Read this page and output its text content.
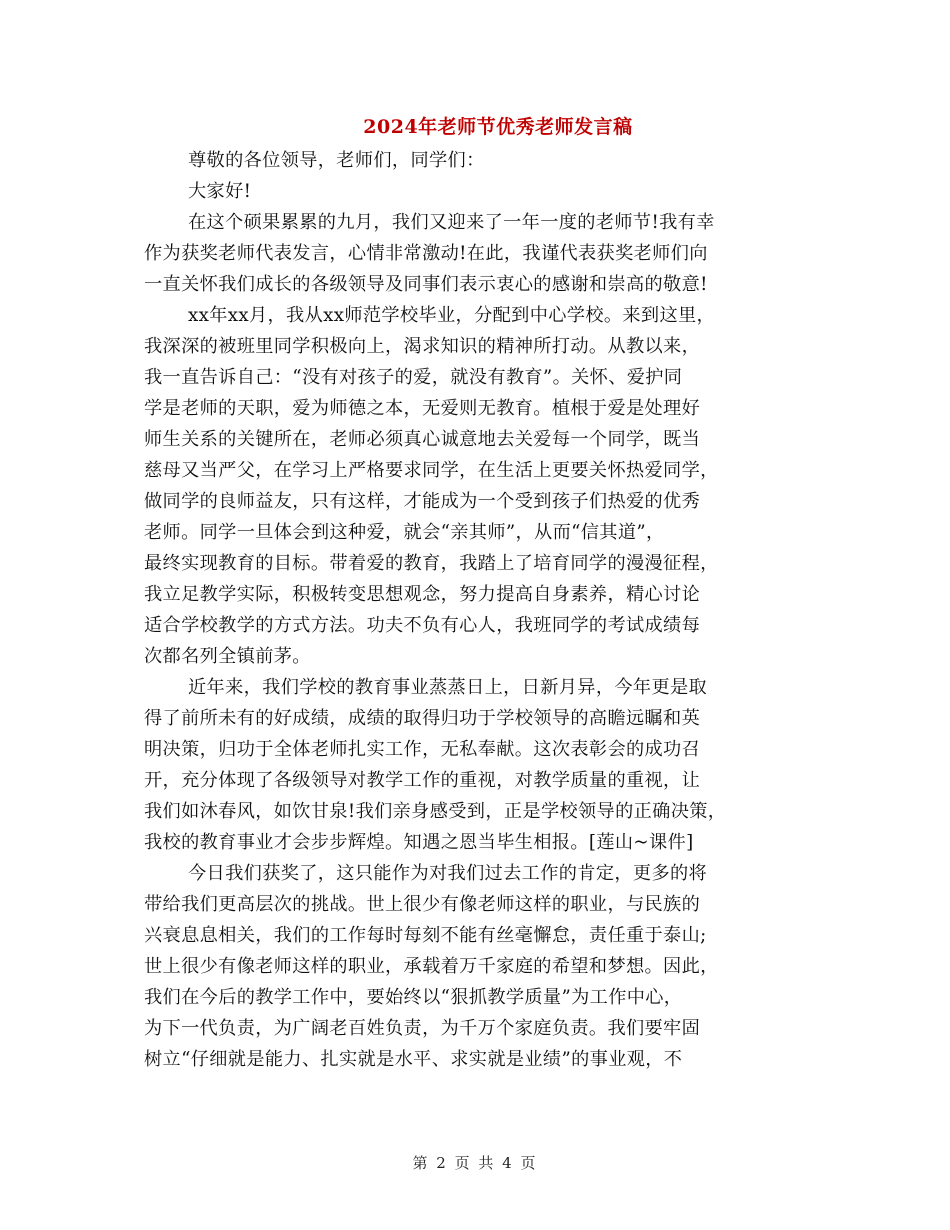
2024年老师节优秀老师发言稿
尊敬的各位领导，老师们，同学们：
大家好!
在这个硕果累累的九月，我们又迎来了一年一度的老师节!我有幸
作为获奖老师代表发言，心情非常激动!在此，我谨代表获奖老师们向
一直关怀我们成长的各级领导及同事们表示衷心的感谢和崇高的敬意!
xx年xx月，我从xx师范学校毕业，分配到中心学校。来到这里，
我深深的被班里同学积极向上，渴求知识的精神所打动。从教以来，
我一直告诉自己：“没有对孩子的爱，就没有教育”。关怀、爱护同
学是老师的天职，爱为师德之本，无爱则无教育。植根于爱是处理好
师生关系的关键所在，老师必须真心诚意地去关爱每一个同学，既当
慈母又当严父，在学习上严格要求同学，在生活上更要关怀热爱同学，
做同学的良师益友，只有这样，才能成为一个受到孩子们热爱的优秀
老师。同学一旦体会到这种爱，就会“亲其师”，从而“信其道”，
最终实现教育的目标。带着爱的教育，我踏上了培育同学的漫漫征程，
我立足教学实际，积极转变思想观念，努力提高自身素养，精心讨论
适合学校教学的方式方法。功夫不负有心人，我班同学的考试成绩每
次都名列全镇前茅。
近年来，我们学校的教育事业蒸蒸日上，日新月异，今年更是取
得了前所未有的好成绩，成绩的取得归功于学校领导的高瞻远瞩和英
明决策，归功于全体老师扎实工作，无私奉献。这次表彰会的成功召
开，充分体现了各级领导对教学工作的重视，对教学质量的重视，让
我们如沐春风，如饮甘泉!我们亲身感受到，正是学校领导的正确决策，
我校的教育事业才会步步辉煌。知遇之恩当毕生相报。[莲山~课件]
今日我们获奖了，这只能作为对我们过去工作的肯定，更多的将
带给我们更高层次的挑战。世上很少有像老师这样的职业，与民族的
兴衰息息相关，我们的工作每时每刻不能有丝毫懈怠，责任重于泰山;
世上很少有像老师这样的职业，承载着万千家庭的希望和梦想。因此，
我们在今后的教学工作中，要始终以“狠抓教学质量”为工作中心，
为下一代负责，为广阔老百姓负责，为千万个家庭负责。我们要牢固
树立“仔细就是能力、扎实就是水平、求实就是业绩”的事业观，不
第 2 页 共 4 页
